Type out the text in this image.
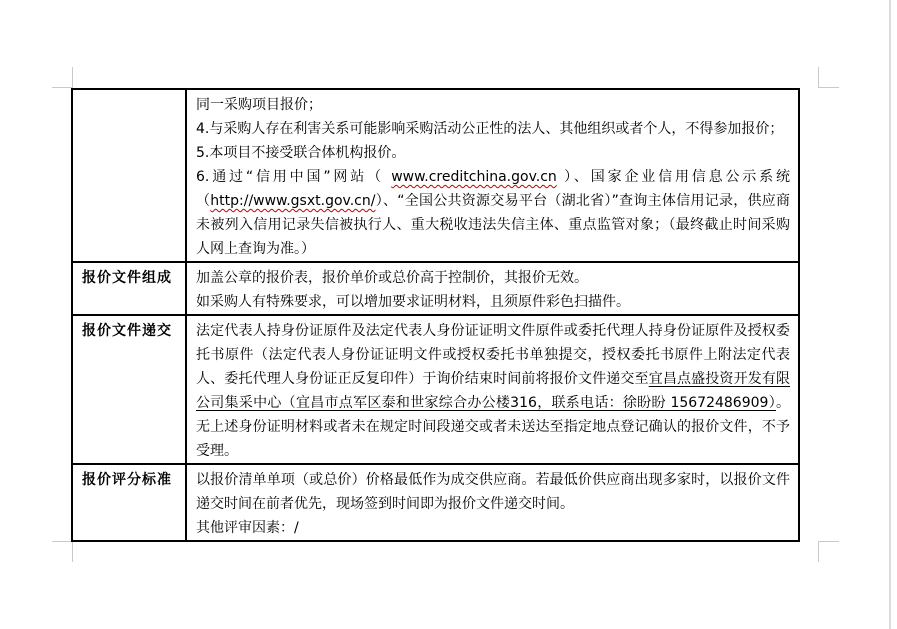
	同一采购项目报价；

4.与采购人存在利害关系可能影响采购活动公正性的法人、其他组织或者个人，不得参加报价；

5.本项目不接受联合体机构报价。

6.通过“信用中国”网站（ www.creditchina.gov.cn ）、国家企业信用信息公示系统（http://www.gsxt.gov.cn/）、“全国公共资源交易平台（湖北省）”查询主体信用记录，供应商未被列入信用记录失信被执行人、重大税收违法失信主体、重点监管对象；（最终截止时间采购人网上查询为准。）

报价文件组成	加盖公章的报价表，报价单价或总价高于控制价，其报价无效。

如采购人有特殊要求，可以增加要求证明材料，且须原件彩色扫描件。

报价文件递交	法定代表人持身份证原件及法定代表人身份证证明文件原件或委托代理人持身份证原件及授权委托书原件（法定代表人身份证证明文件或授权委托书单独提交，授权委托书原件上附法定代表人、委托代理人身份证正反复印件）于询价结束时间前将报价文件递交至宜昌点盛投资开发有限公司集采中心（宜昌市点军区泰和世家综合办公楼316，联系电话：徐盼盼 15672486909）。无上述身份证明材料或者未在规定时间段递交或者未送达至指定地点登记确认的报价文件，不予受理。

报价评分标准	以报价清单单项（或总价）价格最低作为成交供应商。若最低价供应商出现多家时，以报价文件递交时间在前者优先，现场签到时间即为报价文件递交时间。

其他评审因素：/
